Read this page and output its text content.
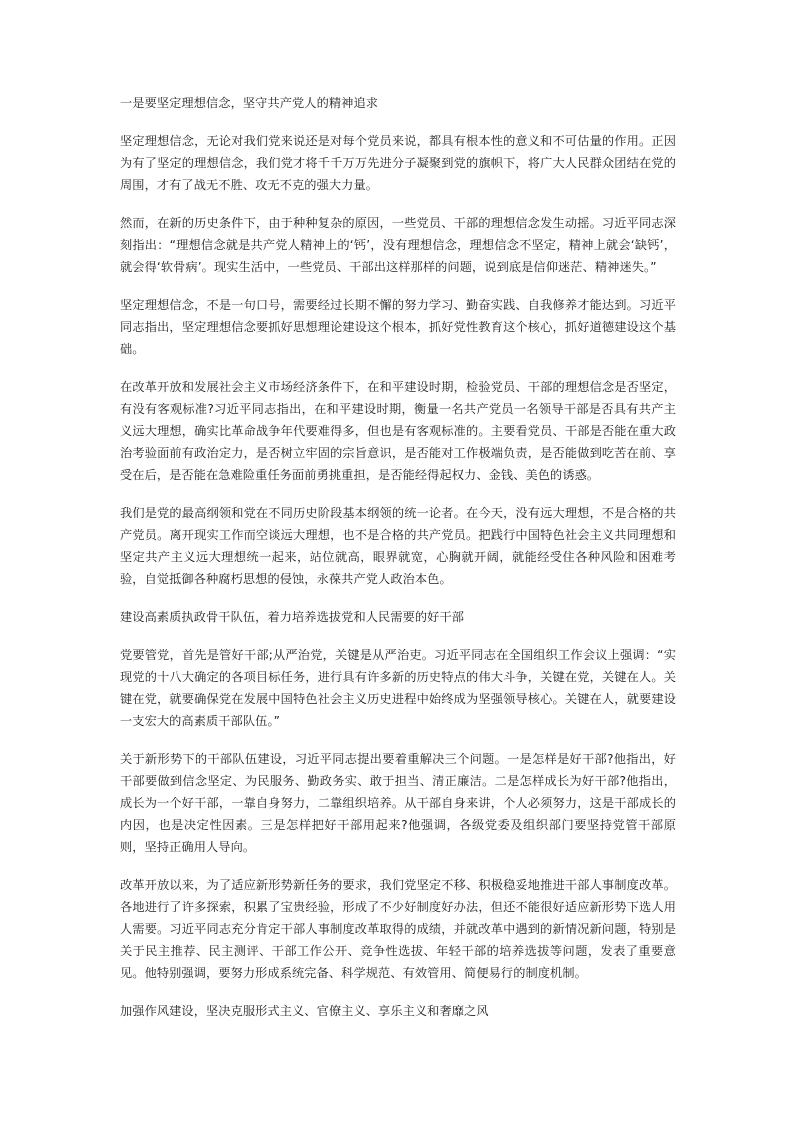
一是要坚定理想信念，坚守共产党人的精神追求

坚定理想信念，无论对我们党来说还是对每个党员来说，都具有根本性的意义和不可估量的作用。正因为有了坚定的理想信念，我们党才将千千万万先进分子凝聚到党的旗帜下，将广大人民群众团结在党的周围，才有了战无不胜、攻无不克的强大力量。

然而，在新的历史条件下，由于种种复杂的原因，一些党员、干部的理想信念发生动摇。习近平同志深刻指出：“理想信念就是共产党人精神上的‘钙’，没有理想信念，理想信念不坚定，精神上就会‘缺钙’，就会得‘软骨病’。现实生活中，一些党员、干部出这样那样的问题，说到底是信仰迷茫、精神迷失。”

坚定理想信念，不是一句口号，需要经过长期不懈的努力学习、勤奋实践、自我修养才能达到。习近平同志指出，坚定理想信念要抓好思想理论建设这个根本，抓好党性教育这个核心，抓好道德建设这个基础。

在改革开放和发展社会主义市场经济条件下，在和平建设时期，检验党员、干部的理想信念是否坚定，有没有客观标准?习近平同志指出，在和平建设时期，衡量一名共产党员一名领导干部是否具有共产主义远大理想，确实比革命战争年代要难得多，但也是有客观标准的。主要看党员、干部是否能在重大政治考验面前有政治定力，是否树立牢固的宗旨意识，是否能对工作极端负责，是否能做到吃苦在前、享受在后，是否能在急难险重任务面前勇挑重担，是否能经得起权力、金钱、美色的诱惑。

我们是党的最高纲领和党在不同历史阶段基本纲领的统一论者。在今天，没有远大理想，不是合格的共产党员。离开现实工作而空谈远大理想，也不是合格的共产党员。把践行中国特色社会主义共同理想和坚定共产主义远大理想统一起来，站位就高，眼界就宽，心胸就开阔，就能经受住各种风险和困难考验，自觉抵御各种腐朽思想的侵蚀，永葆共产党人政治本色。

建设高素质执政骨干队伍，着力培养选拔党和人民需要的好干部

党要管党，首先是管好干部;从严治党，关键是从严治吏。习近平同志在全国组织工作会议上强调：“实现党的十八大确定的各项目标任务，进行具有许多新的历史特点的伟大斗争，关键在党，关键在人。关键在党，就要确保党在发展中国特色社会主义历史进程中始终成为坚强领导核心。关键在人，就要建设一支宏大的高素质干部队伍。”

关于新形势下的干部队伍建设，习近平同志提出要着重解决三个问题。一是怎样是好干部?他指出，好干部要做到信念坚定、为民服务、勤政务实、敢于担当、清正廉洁。二是怎样成长为好干部?他指出，成长为一个好干部，一靠自身努力，二靠组织培养。从干部自身来讲，个人必须努力，这是干部成长的内因，也是决定性因素。三是怎样把好干部用起来?他强调，各级党委及组织部门要坚持党管干部原则，坚持正确用人导向。

改革开放以来，为了适应新形势新任务的要求，我们党坚定不移、积极稳妥地推进干部人事制度改革。各地进行了许多探索，积累了宝贵经验，形成了不少好制度好办法，但还不能很好适应新形势下选人用人需要。习近平同志充分肯定干部人事制度改革取得的成绩，并就改革中遇到的新情况新问题，特别是关于民主推荐、民主测评、干部工作公开、竞争性选拔、年轻干部的培养选拔等问题，发表了重要意见。他特别强调，要努力形成系统完备、科学规范、有效管用、简便易行的制度机制。

加强作风建设，坚决克服形式主义、官僚主义、享乐主义和奢靡之风
